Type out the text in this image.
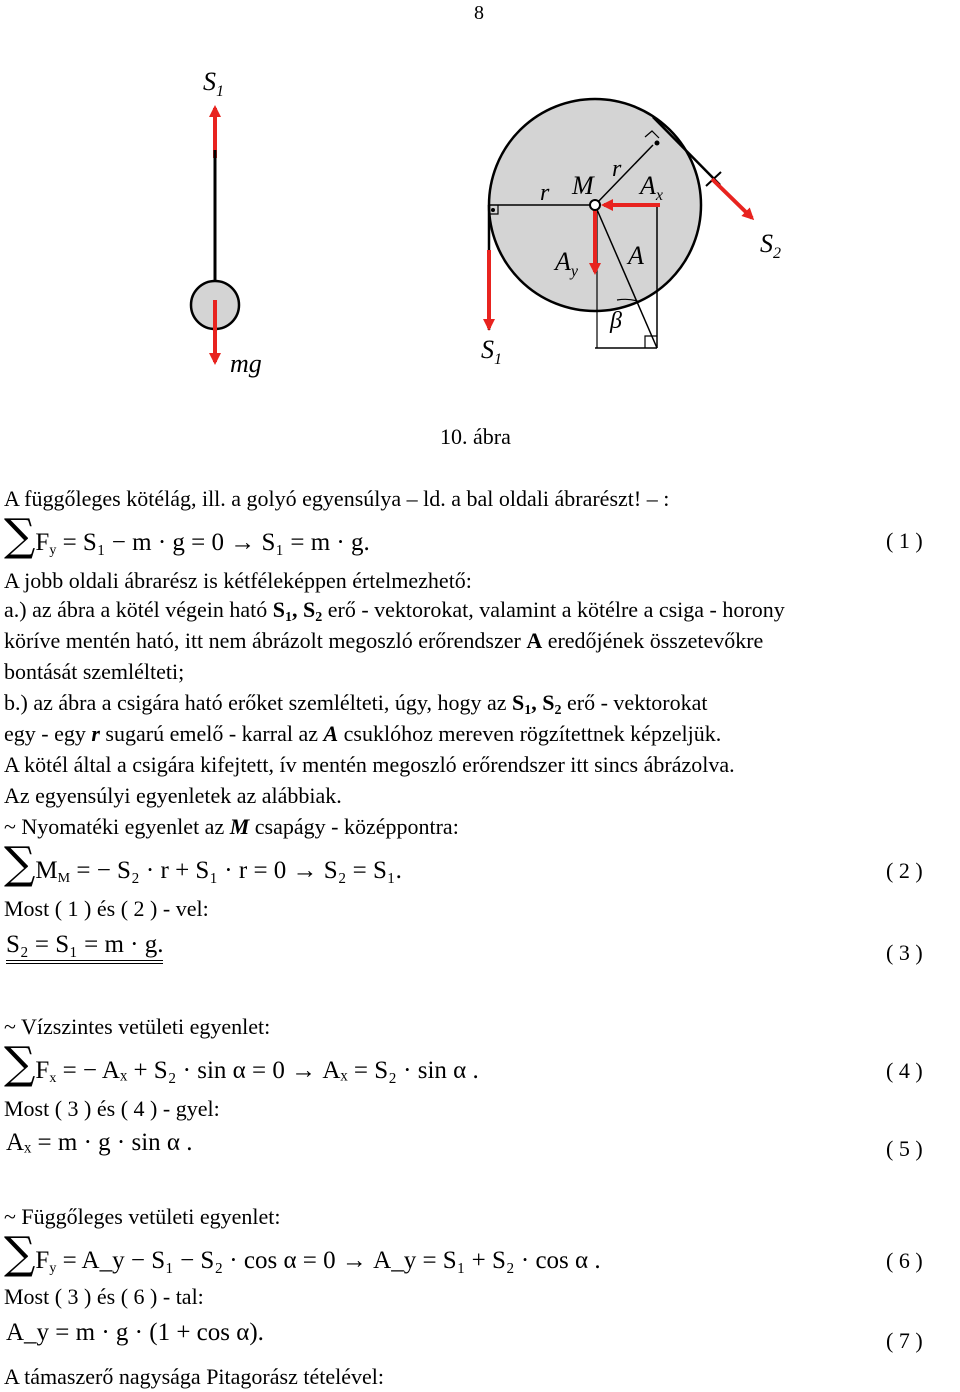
8
$S_1$
mg
r
r
M $A_x$
$A_y$
A
β
$S_2$
$S_1$
10. ábra
A függőleges kötélág, ill. a golyó egyensúlya – ld. a bal oldali ábrarészt! – :
$\sum F_y = S_1 - m \cdot g = 0 \to S_1 = m \cdot g$.	( 1 )
A jobb oldali ábrarész is kétféleképpen értelmezhető:
a.) az ábra a kötél végein ható $S_1$, $S_2$ erő - vektorokat, valamint a kötélre a csiga - horony
köríve mentén ható, itt nem ábrázolt megoszló erőrendszer A eredőjének összetevőkre
bontását szemlélteti;
b.) az ábra a csigára ható erőket szemlélteti, úgy, hogy az $S_1$, $S_2$ erő - vektorokat
egy - egy r sugarú emelő - karral az A csuklóhoz mereven rögzítettnek képzeljük.
A kötél által a csigára kifejtett, ív mentén megoszló erőrendszer itt sincs ábrázolva.
Az egyensúlyi egyenletek az alábbiak.
~ Nyomatéki egyenlet az M csapágy - középpontra:
$\sum M_M$ = − S₂ · r + S₁ · r = 0 → S₂ = S₁.	( 2 )
Most ( 1 ) és ( 2 ) - vel:
S₂ = S₁ = m · g.	( 3 )
~ Vízszintes vetületi egyenlet:
$\sum F_x$ = − Aₓ + S₂ · sin α = 0 → Aₓ = S₂ · sin α .	( 4 )
Most ( 3 ) és ( 4 ) - gyel:
Aₓ = m · g · sin α .	( 5 )
~ Függőleges vetületi egyenlet:
$\sum F_y$ = A_y − S₁ − S₂ · cos α = 0 → A_y = S₁ + S₂ · cos α .	( 6 )
Most ( 3 ) és ( 6 ) - tal:
A_y = m · g · (1 + cos α).	( 7 )
A támaszerő nagysága Pitagorász tételével:
